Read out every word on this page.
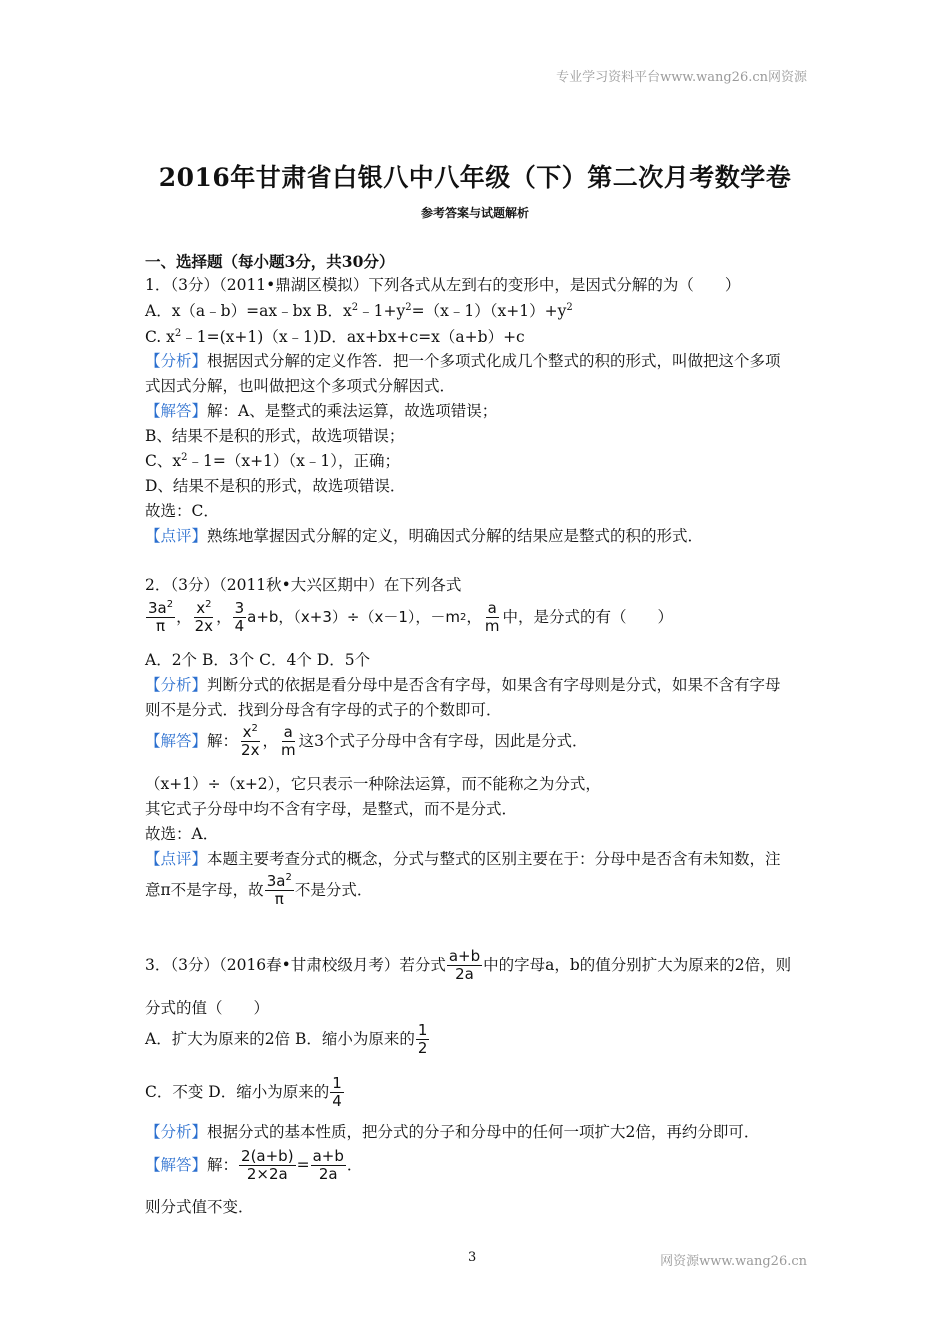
专业学习资料平台www.wang26.cn网资源
2016年甘肃省白银八中八年级（下）第二次月考数学卷
参考答案与试题解析
一、选择题（每小题3分，共30分）
1．（3分）（2011•鼎湖区模拟）下列各式从左到右的变形中，是因式分解的为（　　）
A．x（a﹣b）=ax﹣bx B．$x^2﹣1+y^2=(x﹣1)(x+1)+y^2$
C. $x^2﹣1=(x+1)(x﹣1)D$．ax+bx+c=x（a+b）+c
【分析】根据因式分解的定义作答．把一个多项式化成几个整式的积的形式，叫做把这个多项
式因式分解，也叫做把这个多项式分解因式．
【解答】解：A、是整式的乘法运算，故选项错误；
B、结果不是积的形式，故选项错误；
C、$x^2﹣1=(x+1)(x﹣1)$，正确；
D、结果不是积的形式，故选项错误．
故选：C．
【点评】熟练地掌握因式分解的定义，明确因式分解的结果应是整式的积的形式．
2．（3分）（2011秋•大兴区期中）在下列各式
$\frac{3a^2}{\pi}$ ， $\frac{x^2}{2x}$ ， $\frac{3}{4} a+b$，（x+3）÷（x－1），－m 2 ， $\frac{a}{m}$ 中，是分式的有（　　）
A．2个 B．3个 C．4个 D．5个
【分析】判断分式的依据是看分母中是否含有字母，如果含有字母则是分式，如果不含有字母
则不是分式．找到分母含有字母的式子的个数即可．
【解答】 解： $\frac{x^2}{2x}$ ， $\frac{a}{m}$ 这3个式子分母中含有字母，因此是分式．
（x+1）÷（x+2），它只表示一种除法运算，而不能称之为分式，
其它式子分母中均不含有字母，是整式，而不是分式．
故选：A．
【点评】本题主要考查分式的概念，分式与整式的区别主要在于：分母中是否含有未知数，注
意π不是字母，故 $\frac{3a^2}{\pi}$ 不是分式．
3．（3分）（2016春•甘肃校级月考）若分式 $\frac{a+b}{2a}$ 中的字母a，b的值分别扩大为原来的2倍，则
分式的值（　　）
A．扩大为原来的2倍 B．缩小为原来的 $\frac{1}{2}$
C．不变 D．缩小为原来的 $\frac{1}{4}$
【分析】根据分式的基本性质，把分式的分子和分母中的任何一项扩大2倍，再约分即可．
【解答】 解： $\frac{2(a+b)}{2\times 2a} = \frac{a+b}{2a}$ ．
则分式值不变．
3	网资源www.wang26.cn
